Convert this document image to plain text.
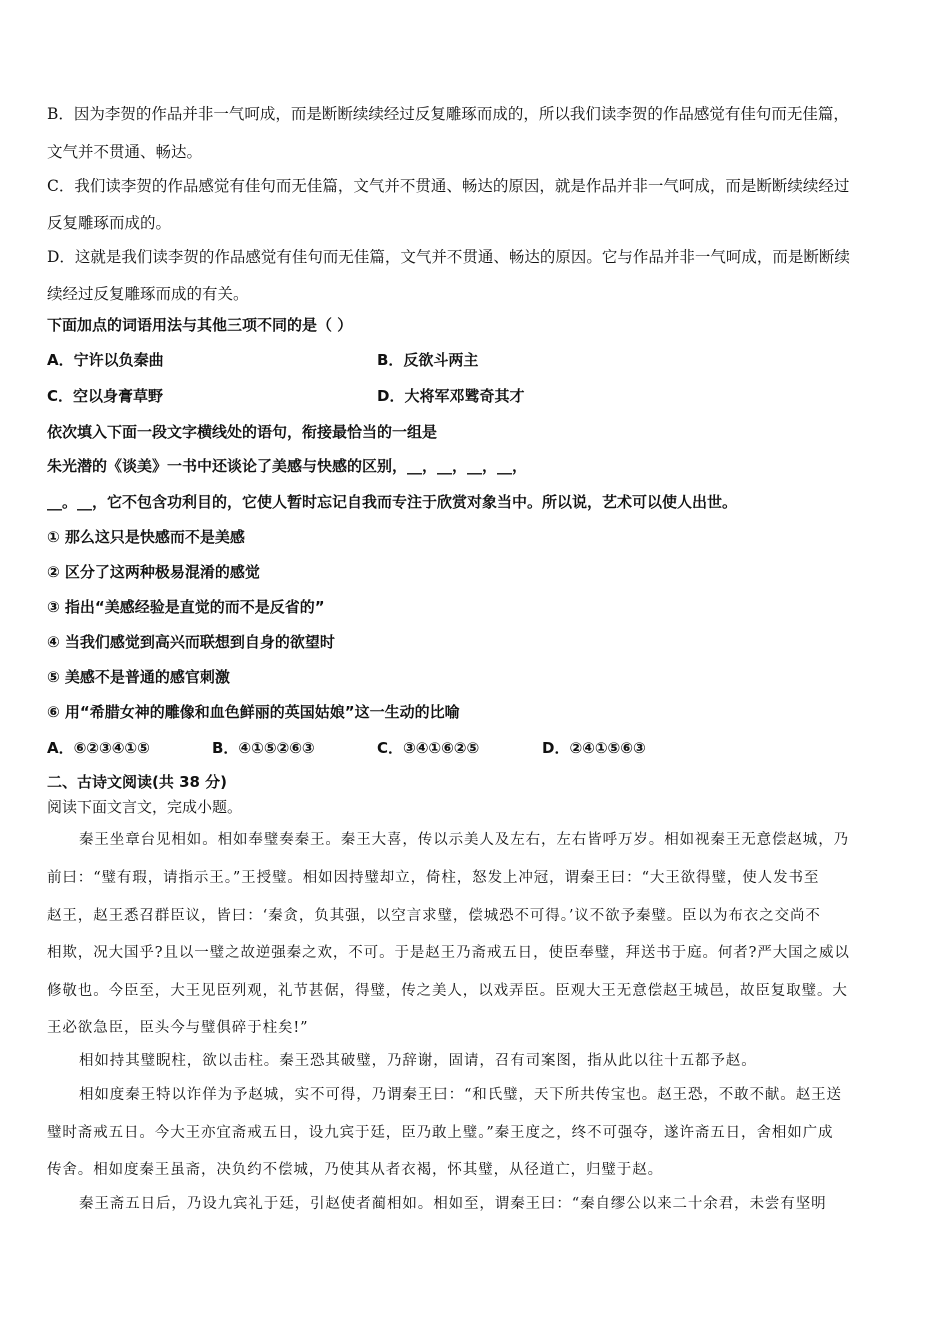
B．因为李贺的作品并非一气呵成，而是断断续续经过反复雕琢而成的，所以我们读李贺的作品感觉有佳句而无佳篇，
文气并不贯通、畅达。
C．我们读李贺的作品感觉有佳句而无佳篇，文气并不贯通、畅达的原因，就是作品并非一气呵成，而是断断续续经过
反复雕琢而成的。
D．这就是我们读李贺的作品感觉有佳句而无佳篇，文气并不贯通、畅达的原因。它与作品并非一气呵成，而是断断续
续经过反复雕琢而成的有关。
下面加点的词语用法与其他三项不同的是（ ）
A．宁许以负秦曲	B．反欲斗两主
C．空以身膏草野	D．大将军邓骘奇其才
依次填入下面一段文字横线处的语句，衔接最恰当的一组是
朱光潜的《谈美》一书中还谈论了美感与快感的区别，__，__，__，__，
__。__，它不包含功利目的，它使人暂时忘记自我而专注于欣赏对象当中。所以说，艺术可以使人出世。
① 那么这只是快感而不是美感
② 区分了这两种极易混淆的感觉
③ 指出“美感经验是直觉的而不是反省的”
④ 当我们感觉到高兴而联想到自身的欲望时
⑤ 美感不是普通的感官刺激
⑥ 用“希腊女神的雕像和血色鲜丽的英国姑娘”这一生动的比喻
A．⑥②③④①⑤	B．④①⑤②⑥③	C．③④①⑥②⑤	D．②④①⑤⑥③
二、古诗文阅读(共 38 分)
阅读下面文言文，完成小题。
秦王坐章台见相如。相如奉璧奏秦王。秦王大喜，传以示美人及左右，左右皆呼万岁。相如视秦王无意偿赵城，乃
前曰：“璧有瑕，请指示王。”王授璧。相如因持璧却立，倚柱，怒发上冲冠，谓秦王曰：“大王欲得璧，使人发书至
赵王，赵王悉召群臣议，皆曰：‘秦贪，负其强，以空言求璧，偿城恐不可得。’议不欲予秦璧。臣以为布衣之交尚不
相欺，况大国乎?且以一璧之故逆强秦之欢，不可。于是赵王乃斋戒五日，使臣奉璧，拜送书于庭。何者?严大国之威以
修敬也。今臣至，大王见臣列观，礼节甚倨，得璧，传之美人，以戏弄臣。臣观大王无意偿赵王城邑，故臣复取璧。大
王必欲急臣，臣头今与璧俱碎于柱矣!”
相如持其璧睨柱，欲以击柱。秦王恐其破璧，乃辞谢，固请，召有司案图，指从此以往十五都予赵。
相如度秦王特以诈佯为予赵城，实不可得，乃谓秦王曰：“和氏璧，天下所共传宝也。赵王恐，不敢不献。赵王送
璧时斋戒五日。今大王亦宜斋戒五日，设九宾于廷，臣乃敢上璧。”秦王度之，终不可强夺，遂许斋五日，舍相如广成
传舍。相如度秦王虽斋，决负约不偿城，乃使其从者衣褐，怀其璧，从径道亡，归璧于赵。
秦王斋五日后，乃设九宾礼于廷，引赵使者蔺相如。相如至，谓秦王曰：“秦自缪公以来二十余君，未尝有坚明
